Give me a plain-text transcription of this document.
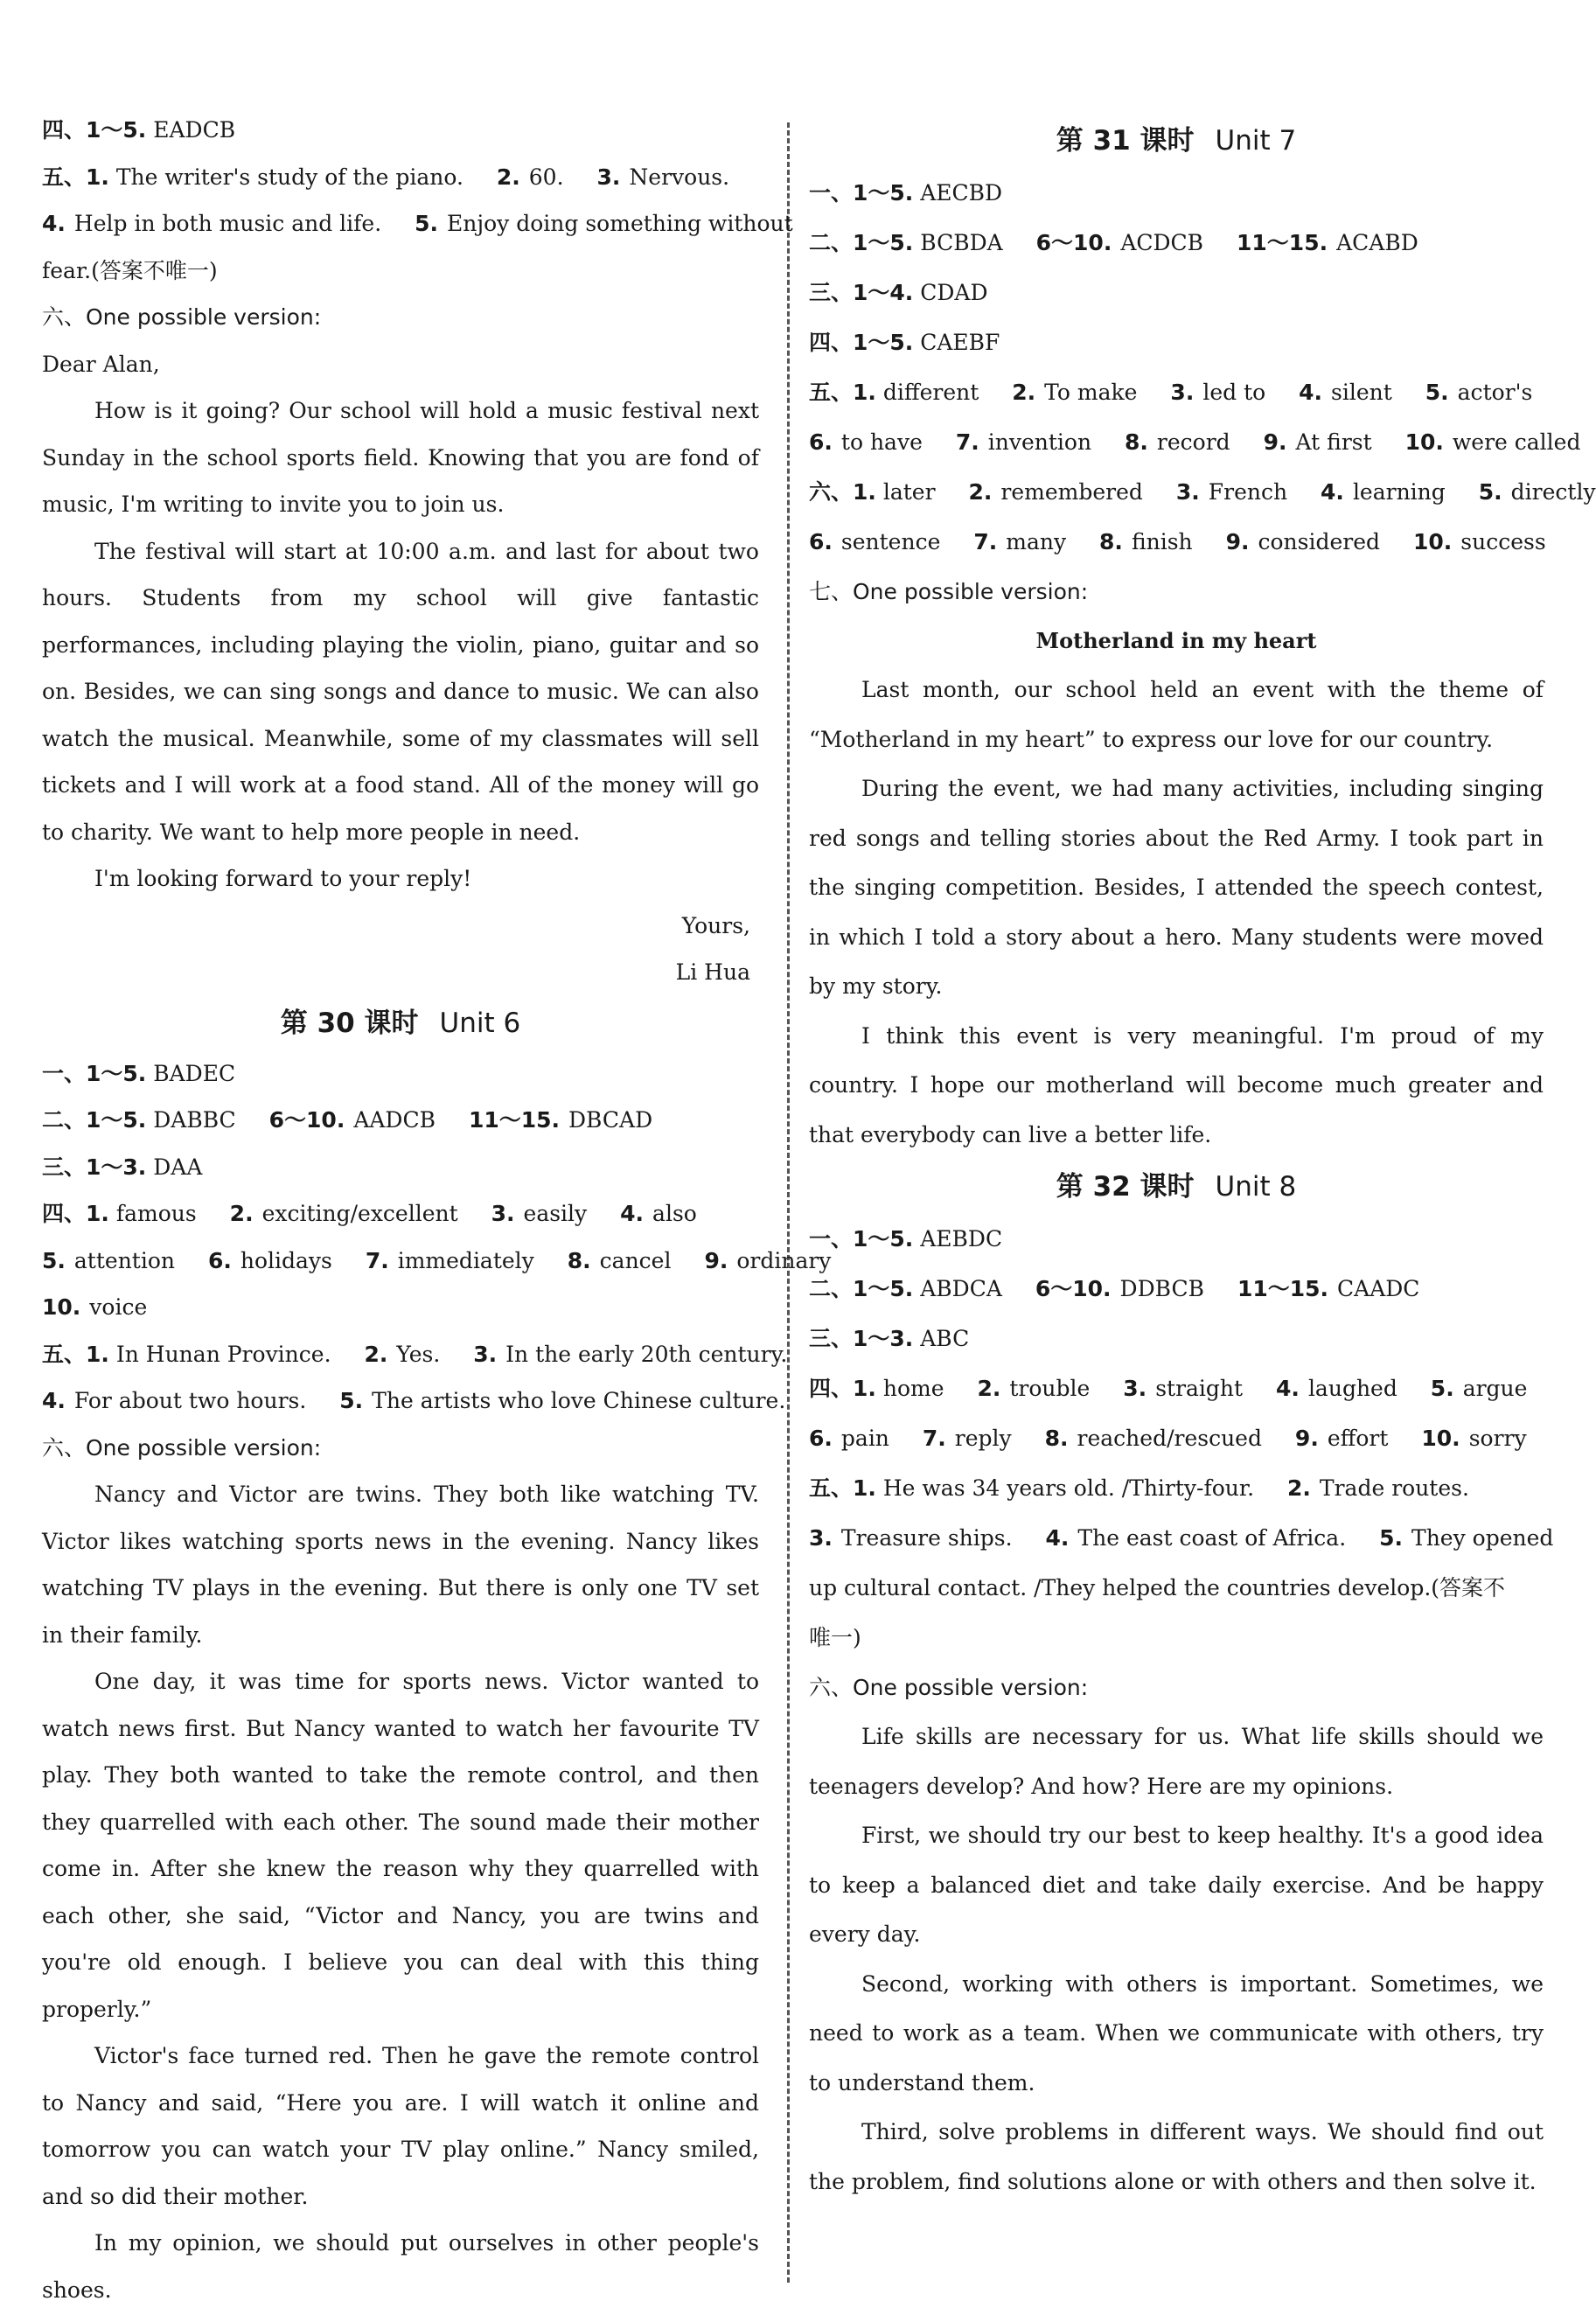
四、1～5. EADCB
五、1. The writer's study of the piano. 2. 60. 3. Nervous.
4. Help in both music and life. 5. Enjoy doing something without
fear.(答案不唯一)
六、One possible version:
Dear Alan,

How is it going? Our school will hold a music festival next Sunday in the school sports field. Knowing that you are fond of music, I'm writing to invite you to join us.

The festival will start at 10:00 a.m. and last for about two hours. Students from my school will give fantastic performances, including playing the violin, piano, guitar and so on. Besides, we can sing songs and dance to music. We can also watch the musical. Meanwhile, some of my classmates will sell tickets and I will work at a food stand. All of the money will go to charity. We want to help more people in need.

I'm looking forward to your reply!

Yours,
Li Hua
第 30 课时 Unit 6
一、1～5. BADEC
二、1～5. DABBC 6～10. AADCB 11～15. DBCAD
三、1～3. DAA
四、1. famous 2. exciting/excellent 3. easily 4. also
5. attention 6. holidays 7. immediately 8. cancel 9. ordinary
10. voice
五、1. In Hunan Province. 2. Yes. 3. In the early 20th century.
4. For about two hours. 5. The artists who love Chinese culture.
六、One possible version:

Nancy and Victor are twins. They both like watching TV. Victor likes watching sports news in the evening. Nancy likes watching TV plays in the evening. But there is only one TV set in their family.

One day, it was time for sports news. Victor wanted to watch news first. But Nancy wanted to watch her favourite TV play. They both wanted to take the remote control, and then they quarrelled with each other. The sound made their mother come in. After she knew the reason why they quarrelled with each other, she said, “Victor and Nancy, you are twins and you're old enough. I believe you can deal with this thing properly.”

Victor's face turned red. Then he gave the remote control to Nancy and said, “Here you are. I will watch it online and tomorrow you can watch your TV play online.” Nancy smiled, and so did their mother.

In my opinion, we should put ourselves in other people's shoes.

第 31 课时 Unit 7
一、1～5. AECBD
二、1～5. BCBDA 6～10. ACDCB 11～15. ACABD
三、1～4. CDAD
四、1～5. CAEBF
五、1. different 2. To make 3. led to 4. silent 5. actor's
6. to have 7. invention 8. record 9. At first 10. were called
六、1. later 2. remembered 3. French 4. learning 5. directly
6. sentence 7. many 8. finish 9. considered 10. success
七、One possible version:
Motherland in my heart

Last month, our school held an event with the theme of “Motherland in my heart” to express our love for our country.

During the event, we had many activities, including singing red songs and telling stories about the Red Army. I took part in the singing competition. Besides, I attended the speech contest, in which I told a story about a hero. Many students were moved by my story.

I think this event is very meaningful. I'm proud of my country. I hope our motherland will become much greater and that everybody can live a better life.

第 32 课时 Unit 8
一、1～5. AEBDC
二、1～5. ABDCA 6～10. DDBCB 11～15. CAADC
三、1～3. ABC
四、1. home 2. trouble 3. straight 4. laughed 5. argue
6. pain 7. reply 8. reached/rescued 9. effort 10. sorry
五、1. He was 34 years old. /Thirty-four. 2. Trade routes.
3. Treasure ships. 4. The east coast of Africa. 5. They opened
up cultural contact. /They helped the countries develop.(答案不
唯一)
六、One possible version:

Life skills are necessary for us. What life skills should we teenagers develop? And how? Here are my opinions.

First, we should try our best to keep healthy. It's a good idea to keep a balanced diet and take daily exercise. And be happy every day.

Second, working with others is important. Sometimes, we need to work as a team. When we communicate with others, try to understand them.

Third, solve problems in different ways. We should find out the problem, find solutions alone or with others and then solve it.
